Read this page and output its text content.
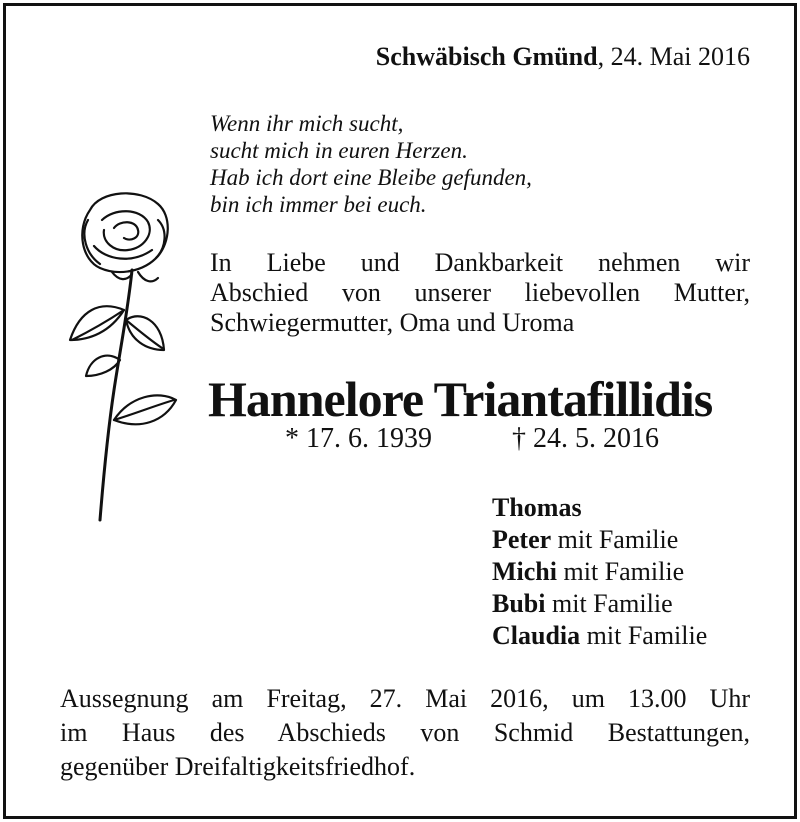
Schwäbisch Gmünd, 24. Mai 2016
Wenn ihr mich sucht,
sucht mich in euren Herzen.
Hab ich dort eine Bleibe gefunden,
bin ich immer bei euch.
In Liebe und Dankbarkeit nehmen wir
Abschied von unserer liebevollen Mutter,
Schwiegermutter, Oma und Uroma
Hannelore Triantafillidis
* 17. 6. 1939	† 24. 5. 2016
Thomas
Peter mit Familie
Michi mit Familie
Bubi mit Familie
Claudia mit Familie
Aussegnung am Freitag, 27. Mai 2016, um 13.00 Uhr
im Haus des Abschieds von Schmid Bestattungen,
gegenüber Dreifaltigkeitsfriedhof.
